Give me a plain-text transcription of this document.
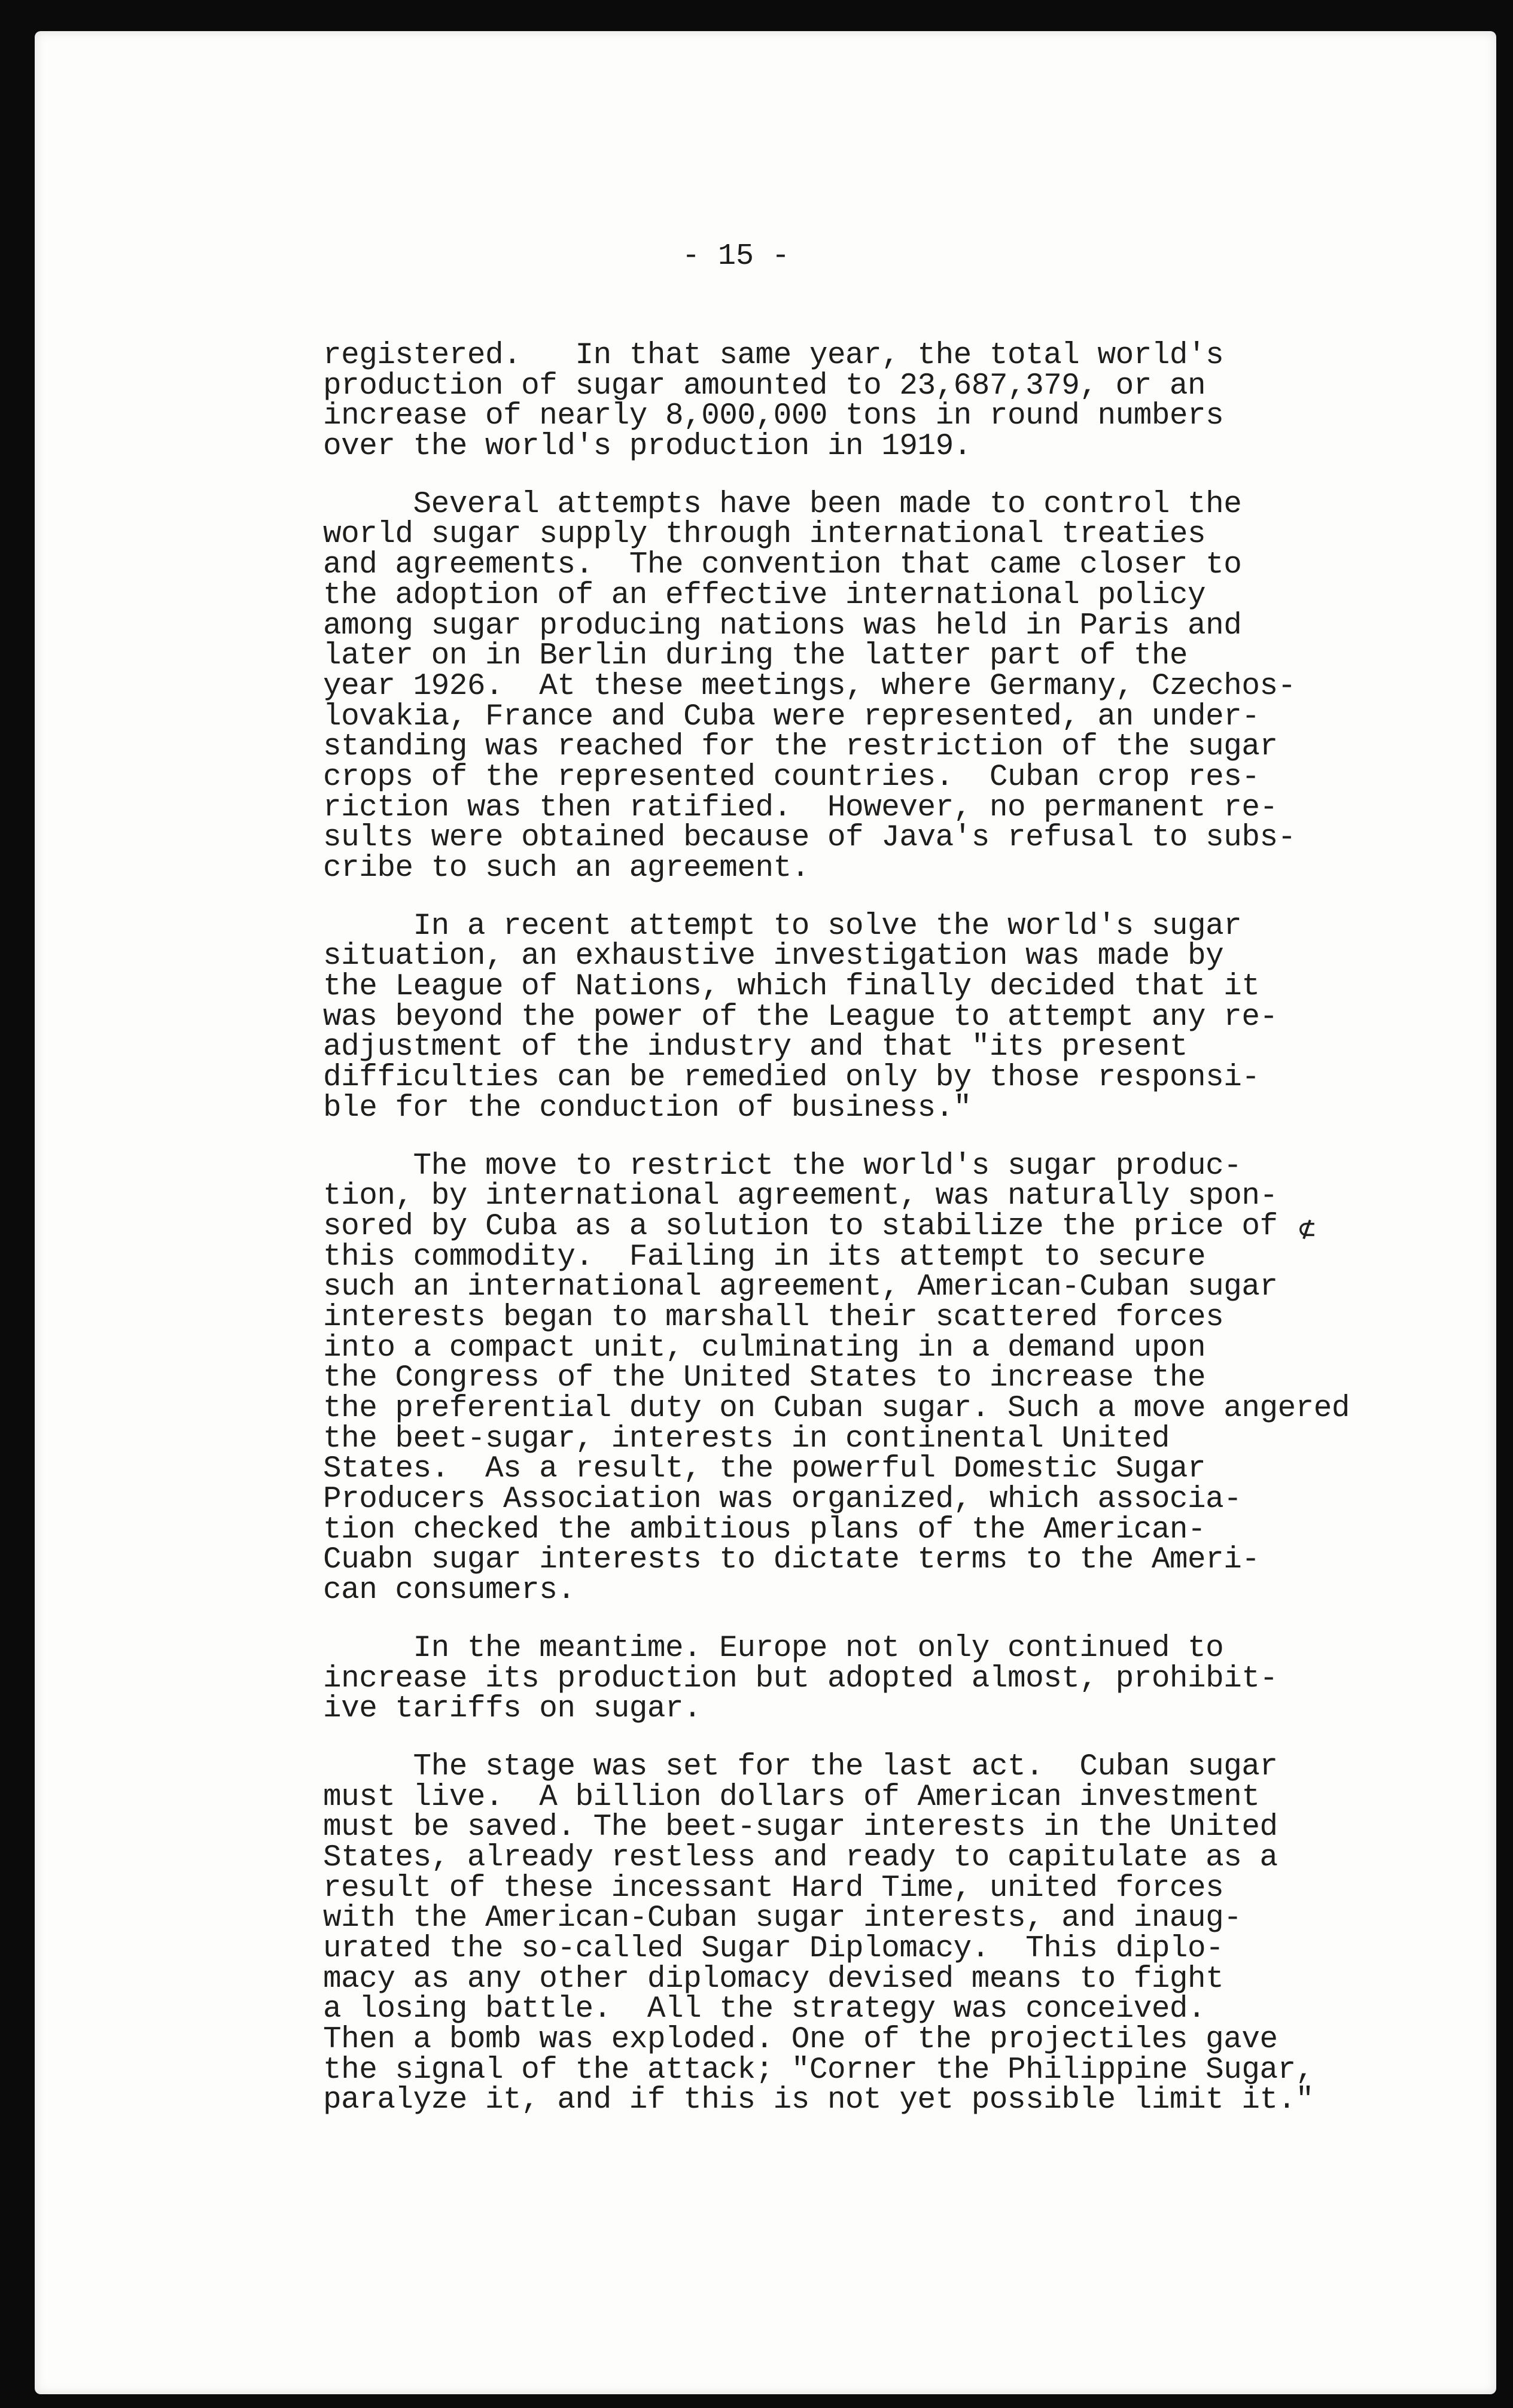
- 15 -
⊄
registered.   In that same year, the total world's
production of sugar amounted to 23,687,379, or an
increase of nearly 8,000,000 tons in round numbers
over the world's production in 1919.
Several attempts have been made to control the
world sugar supply through international treaties
and agreements.  The convention that came closer to
the adoption of an effective international policy
among sugar producing nations was held in Paris and
later on in Berlin during the latter part of the
year 1926.  At these meetings, where Germany, Czechos-
lovakia, France and Cuba were represented, an under-
standing was reached for the restriction of the sugar
crops of the represented countries.  Cuban crop res-
riction was then ratified.  However, no permanent re-
sults were obtained because of Java's refusal to subs-
cribe to such an agreement.
In a recent attempt to solve the world's sugar
situation, an exhaustive investigation was made by
the League of Nations, which finally decided that it
was beyond the power of the League to attempt any re-
adjustment of the industry and that "its present
difficulties can be remedied only by those responsi-
ble for the conduction of business."
The move to restrict the world's sugar produc-
tion, by international agreement, was naturally spon-
sored by Cuba as a solution to stabilize the price of
this commodity.  Failing in its attempt to secure
such an international agreement, American-Cuban sugar
interests began to marshall their scattered forces
into a compact unit, culminating in a demand upon
the Congress of the United States to increase the
the preferential duty on Cuban sugar. Such a move angered
the beet-sugar, interests in continental United
States.  As a result, the powerful Domestic Sugar
Producers Association was organized, which associa-
tion checked the ambitious plans of the American-
Cuabn sugar interests to dictate terms to the Ameri-
can consumers.
In the meantime. Europe not only continued to
increase its production but adopted almost, prohibit-
ive tariffs on sugar.
The stage was set for the last act.  Cuban sugar
must live.  A billion dollars of American investment
must be saved. The beet-sugar interests in the United
States, already restless and ready to capitulate as a
result of these incessant Hard Time, united forces
with the American-Cuban sugar interests, and inaug-
urated the so-called Sugar Diplomacy.  This diplo-
macy as any other diplomacy devised means to fight
a losing battle.  All the strategy was conceived.
Then a bomb was exploded. One of the projectiles gave
the signal of the attack; "Corner the Philippine Sugar,
paralyze it, and if this is not yet possible limit it."
